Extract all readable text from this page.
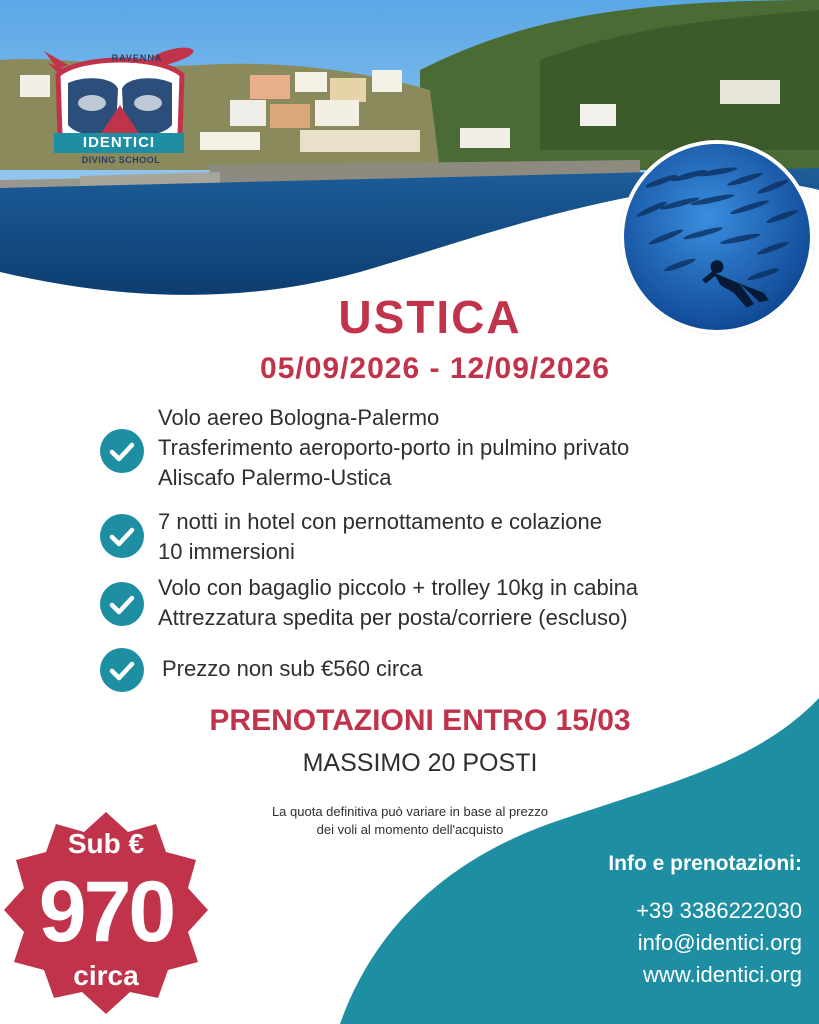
RAVENNA
IDENTICI
DIVING SCHOOL
USTICA
05/09/2026 - 12/09/2026
Volo aereo Bologna-Palermo
Trasferimento aeroporto-porto in pulmino privato
Aliscafo Palermo-Ustica
7 notti in hotel con pernottamento e colazione
10 immersioni
Volo con bagaglio piccolo + trolley 10kg in cabina
Attrezzatura spedita per posta/corriere (escluso)
Prezzo non sub €560 circa
PRENOTAZIONI ENTRO 15/03
MASSIMO 20 POSTI
La quota definitiva può variare in base al prezzo
dei voli al momento dell'acquisto
Sub €
970
circa
Info e prenotazioni:
+39 3386222030
info@identici.org
www.identici.org
